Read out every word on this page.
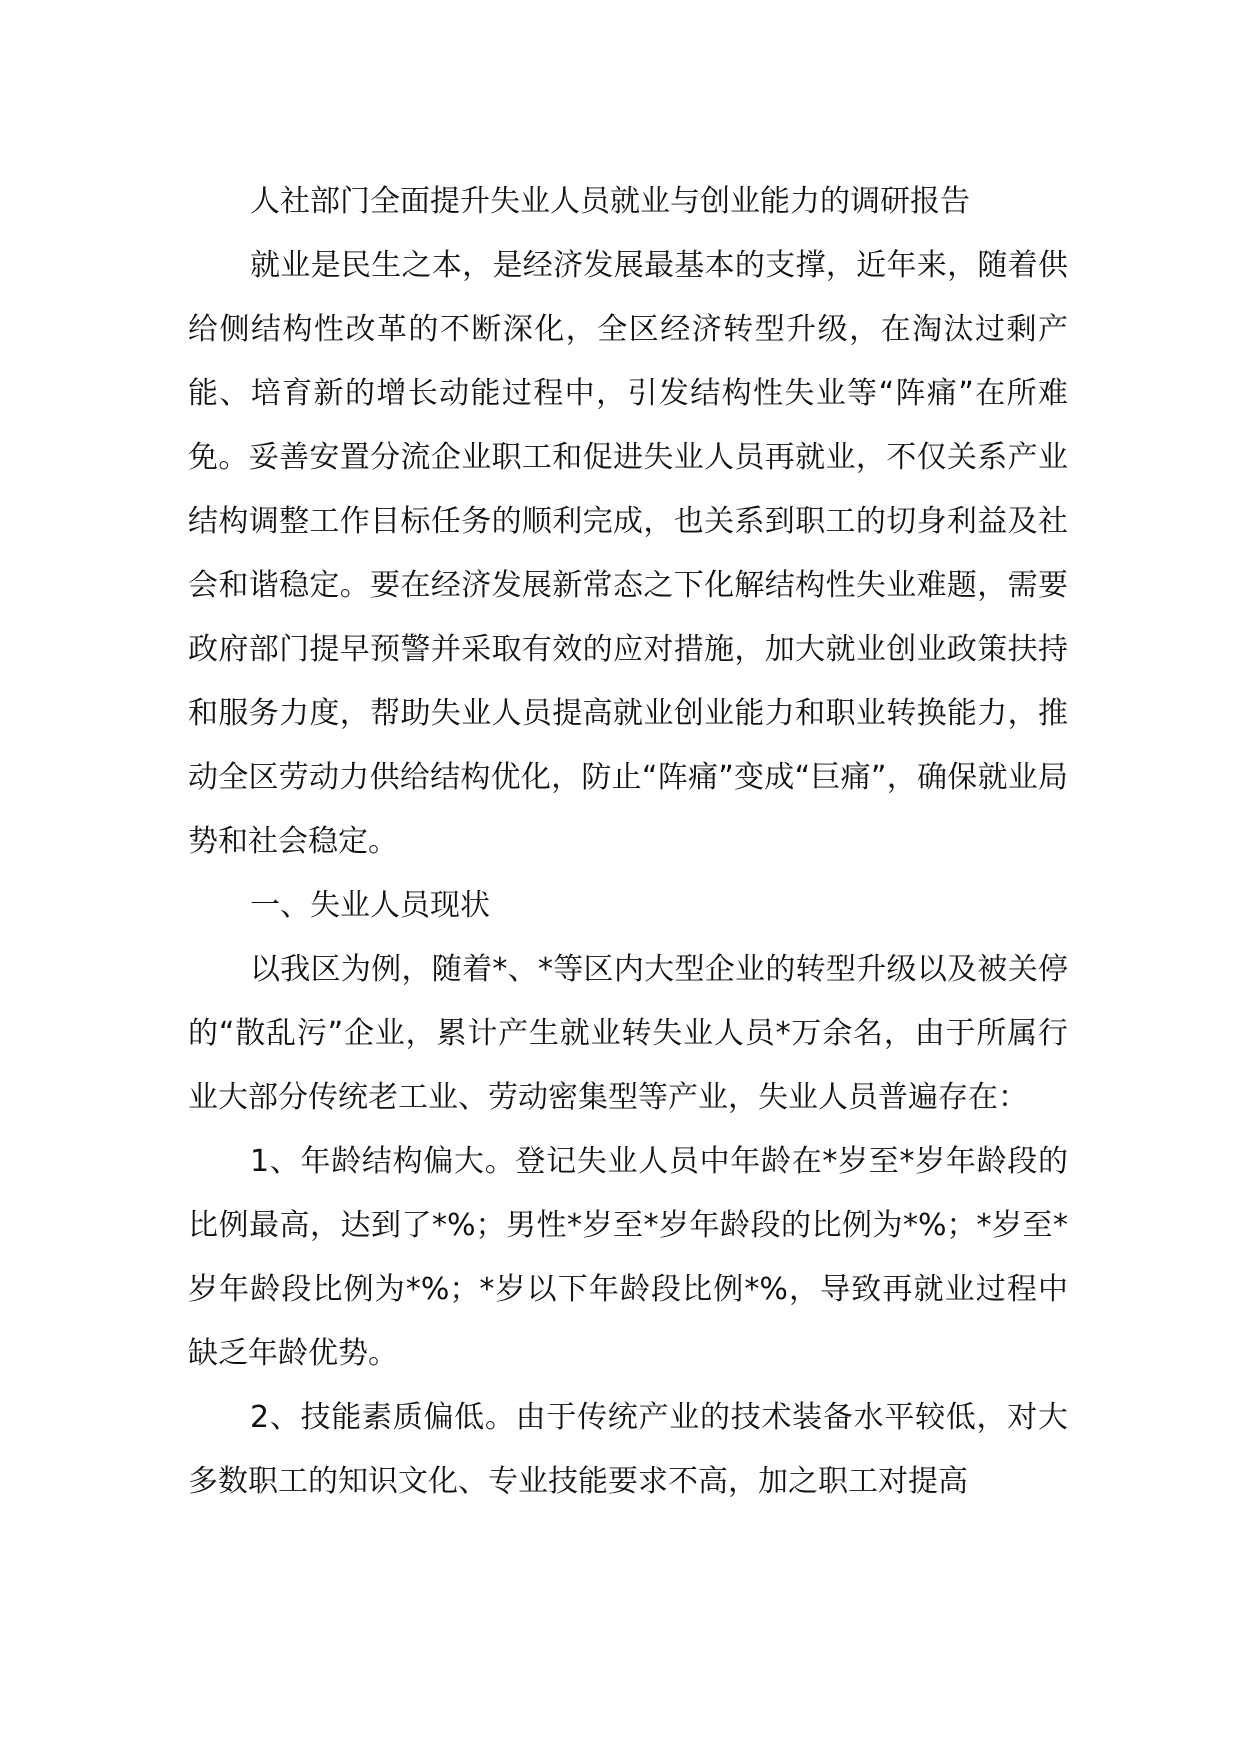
人社部门全面提升失业人员就业与创业能力的调研报告

就业是民生之本，是经济发展最基本的支撑，近年来，随着供给侧结构性改革的不断深化，全区经济转型升级，在淘汰过剩产能、培育新的增长动能过程中，引发结构性失业等“阵痛”在所难免。妥善安置分流企业职工和促进失业人员再就业，不仅关系产业结构调整工作目标任务的顺利完成，也关系到职工的切身利益及社会和谐稳定。要在经济发展新常态之下化解结构性失业难题，需要政府部门提早预警并采取有效的应对措施，加大就业创业政策扶持和服务力度，帮助失业人员提高就业创业能力和职业转换能力，推动全区劳动力供给结构优化，防止“阵痛”变成“巨痛”，确保就业局势和社会稳定。

一、失业人员现状

以我区为例，随着*、*等区内大型企业的转型升级以及被关停的“散乱污”企业，累计产生就业转失业人员*万余名，由于所属行业大部分传统老工业、劳动密集型等产业，失业人员普遍存在：

1、年龄结构偏大。登记失业人员中年龄在*岁至*岁年龄段的比例最高，达到了*%；男性*岁至*岁年龄段的比例为*%；*岁至*岁年龄段比例为*%；*岁以下年龄段比例*%，导致再就业过程中缺乏年龄优势。

2、技能素质偏低。由于传统产业的技术装备水平较低，对大多数职工的知识文化、专业技能要求不高，加之职工对提高
